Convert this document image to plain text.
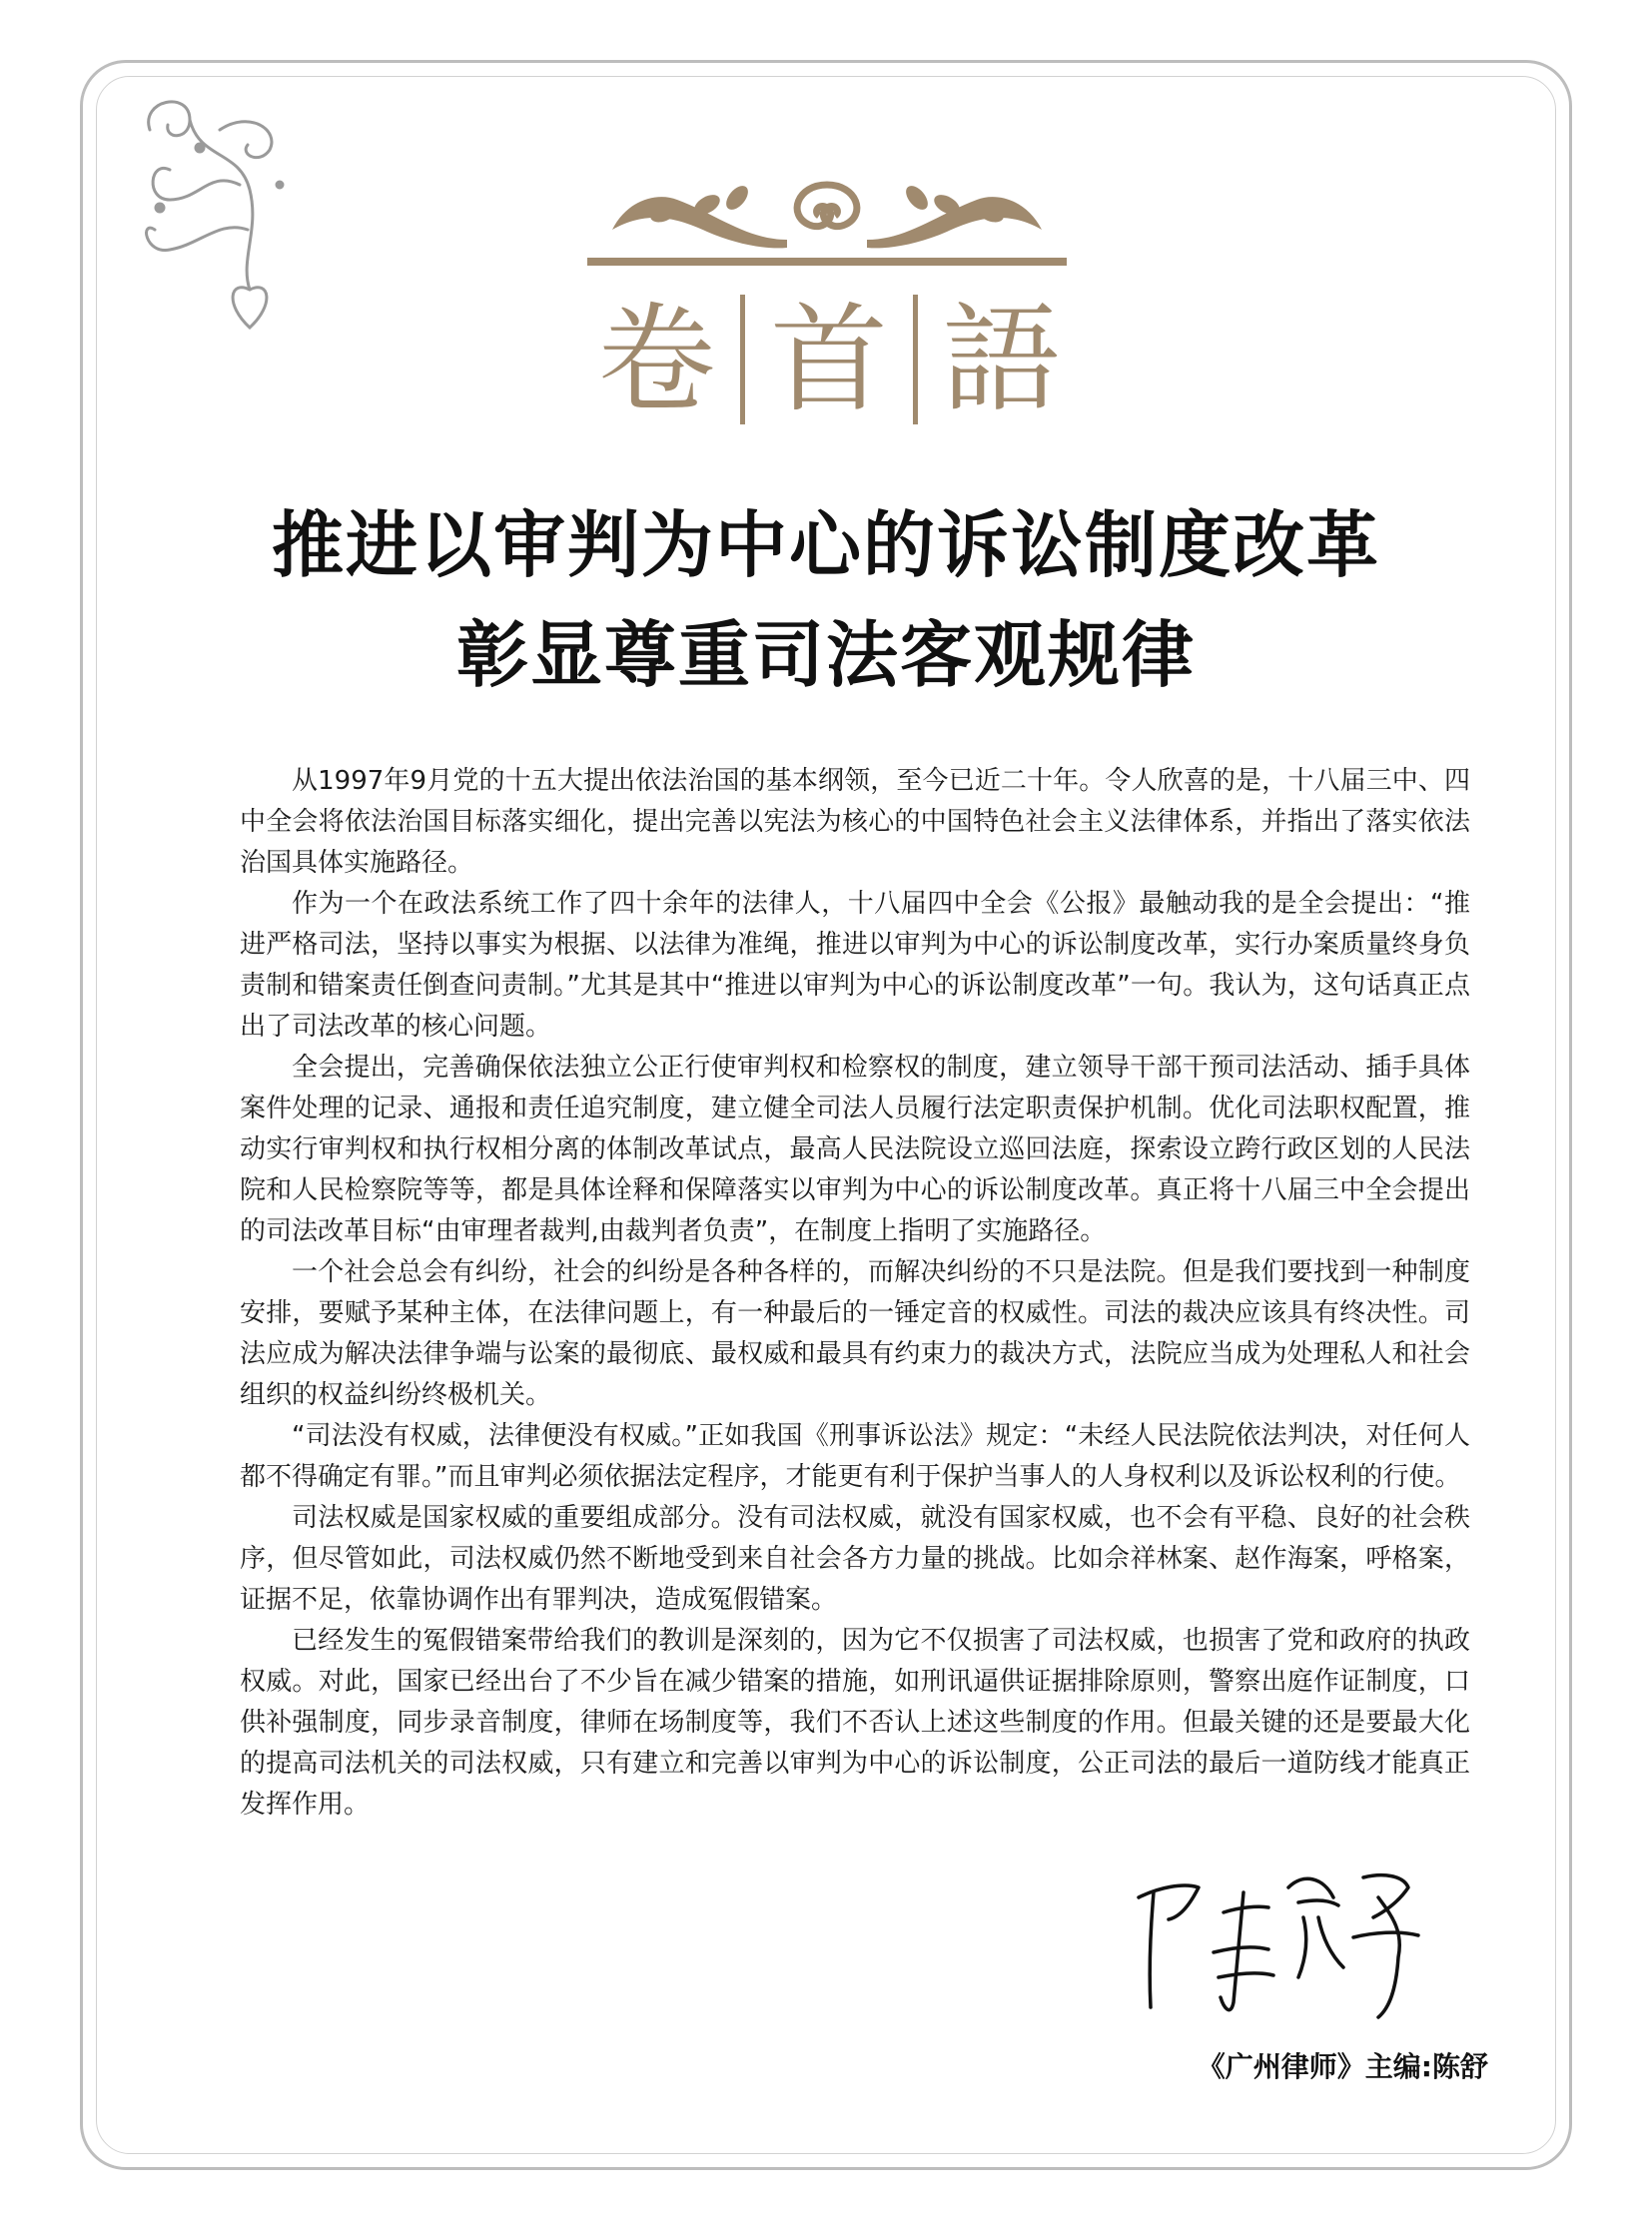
卷 首 語
推进以审判为中心的诉讼制度改革
彰显尊重司法客观规律

从1997年9月党的十五大提出依法治国的基本纲领，至今已近二十年。令人欣喜的是，十八届三中、四中全会将依法治国目标落实细化，提出完善以宪法为核心的中国特色社会主义法律体系，并指出了落实依法治国具体实施路径。

作为一个在政法系统工作了四十余年的法律人，十八届四中全会《公报》最触动我的是全会提出：“推进严格司法，坚持以事实为根据、以法律为准绳，推进以审判为中心的诉讼制度改革，实行办案质量终身负责制和错案责任倒查问责制。”尤其是其中“推进以审判为中心的诉讼制度改革”一句。我认为，这句话真正点出了司法改革的核心问题。

全会提出，完善确保依法独立公正行使审判权和检察权的制度，建立领导干部干预司法活动、插手具体案件处理的记录、通报和责任追究制度，建立健全司法人员履行法定职责保护机制。优化司法职权配置，推动实行审判权和执行权相分离的体制改革试点，最高人民法院设立巡回法庭，探索设立跨行政区划的人民法院和人民检察院等等，都是具体诠释和保障落实以审判为中心的诉讼制度改革。真正将十八届三中全会提出的司法改革目标“由审理者裁判,由裁判者负责”，在制度上指明了实施路径。

一个社会总会有纠纷，社会的纠纷是各种各样的，而解决纠纷的不只是法院。但是我们要找到一种制度安排，要赋予某种主体，在法律问题上，有一种最后的一锤定音的权威性。司法的裁决应该具有终决性。司法应成为解决法律争端与讼案的最彻底、最权威和最具有约束力的裁决方式，法院应当成为处理私人和社会组织的权益纠纷终极机关。

“司法没有权威，法律便没有权威。”正如我国《刑事诉讼法》规定：“未经人民法院依法判决，对任何人都不得确定有罪。”而且审判必须依据法定程序，才能更有利于保护当事人的人身权利以及诉讼权利的行使。

司法权威是国家权威的重要组成部分。没有司法权威，就没有国家权威，也不会有平稳、良好的社会秩序，但尽管如此，司法权威仍然不断地受到来自社会各方力量的挑战。比如佘祥林案、赵作海案，呼格案，证据不足，依靠协调作出有罪判决，造成冤假错案。

已经发生的冤假错案带给我们的教训是深刻的，因为它不仅损害了司法权威，也损害了党和政府的执政权威。对此，国家已经出台了不少旨在减少错案的措施，如刑讯逼供证据排除原则，警察出庭作证制度，口供补强制度，同步录音制度，律师在场制度等，我们不否认上述这些制度的作用。但最关键的还是要最大化的提高司法机关的司法权威，只有建立和完善以审判为中心的诉讼制度，公正司法的最后一道防线才能真正发挥作用。

《广州律师》主编:陈舒
